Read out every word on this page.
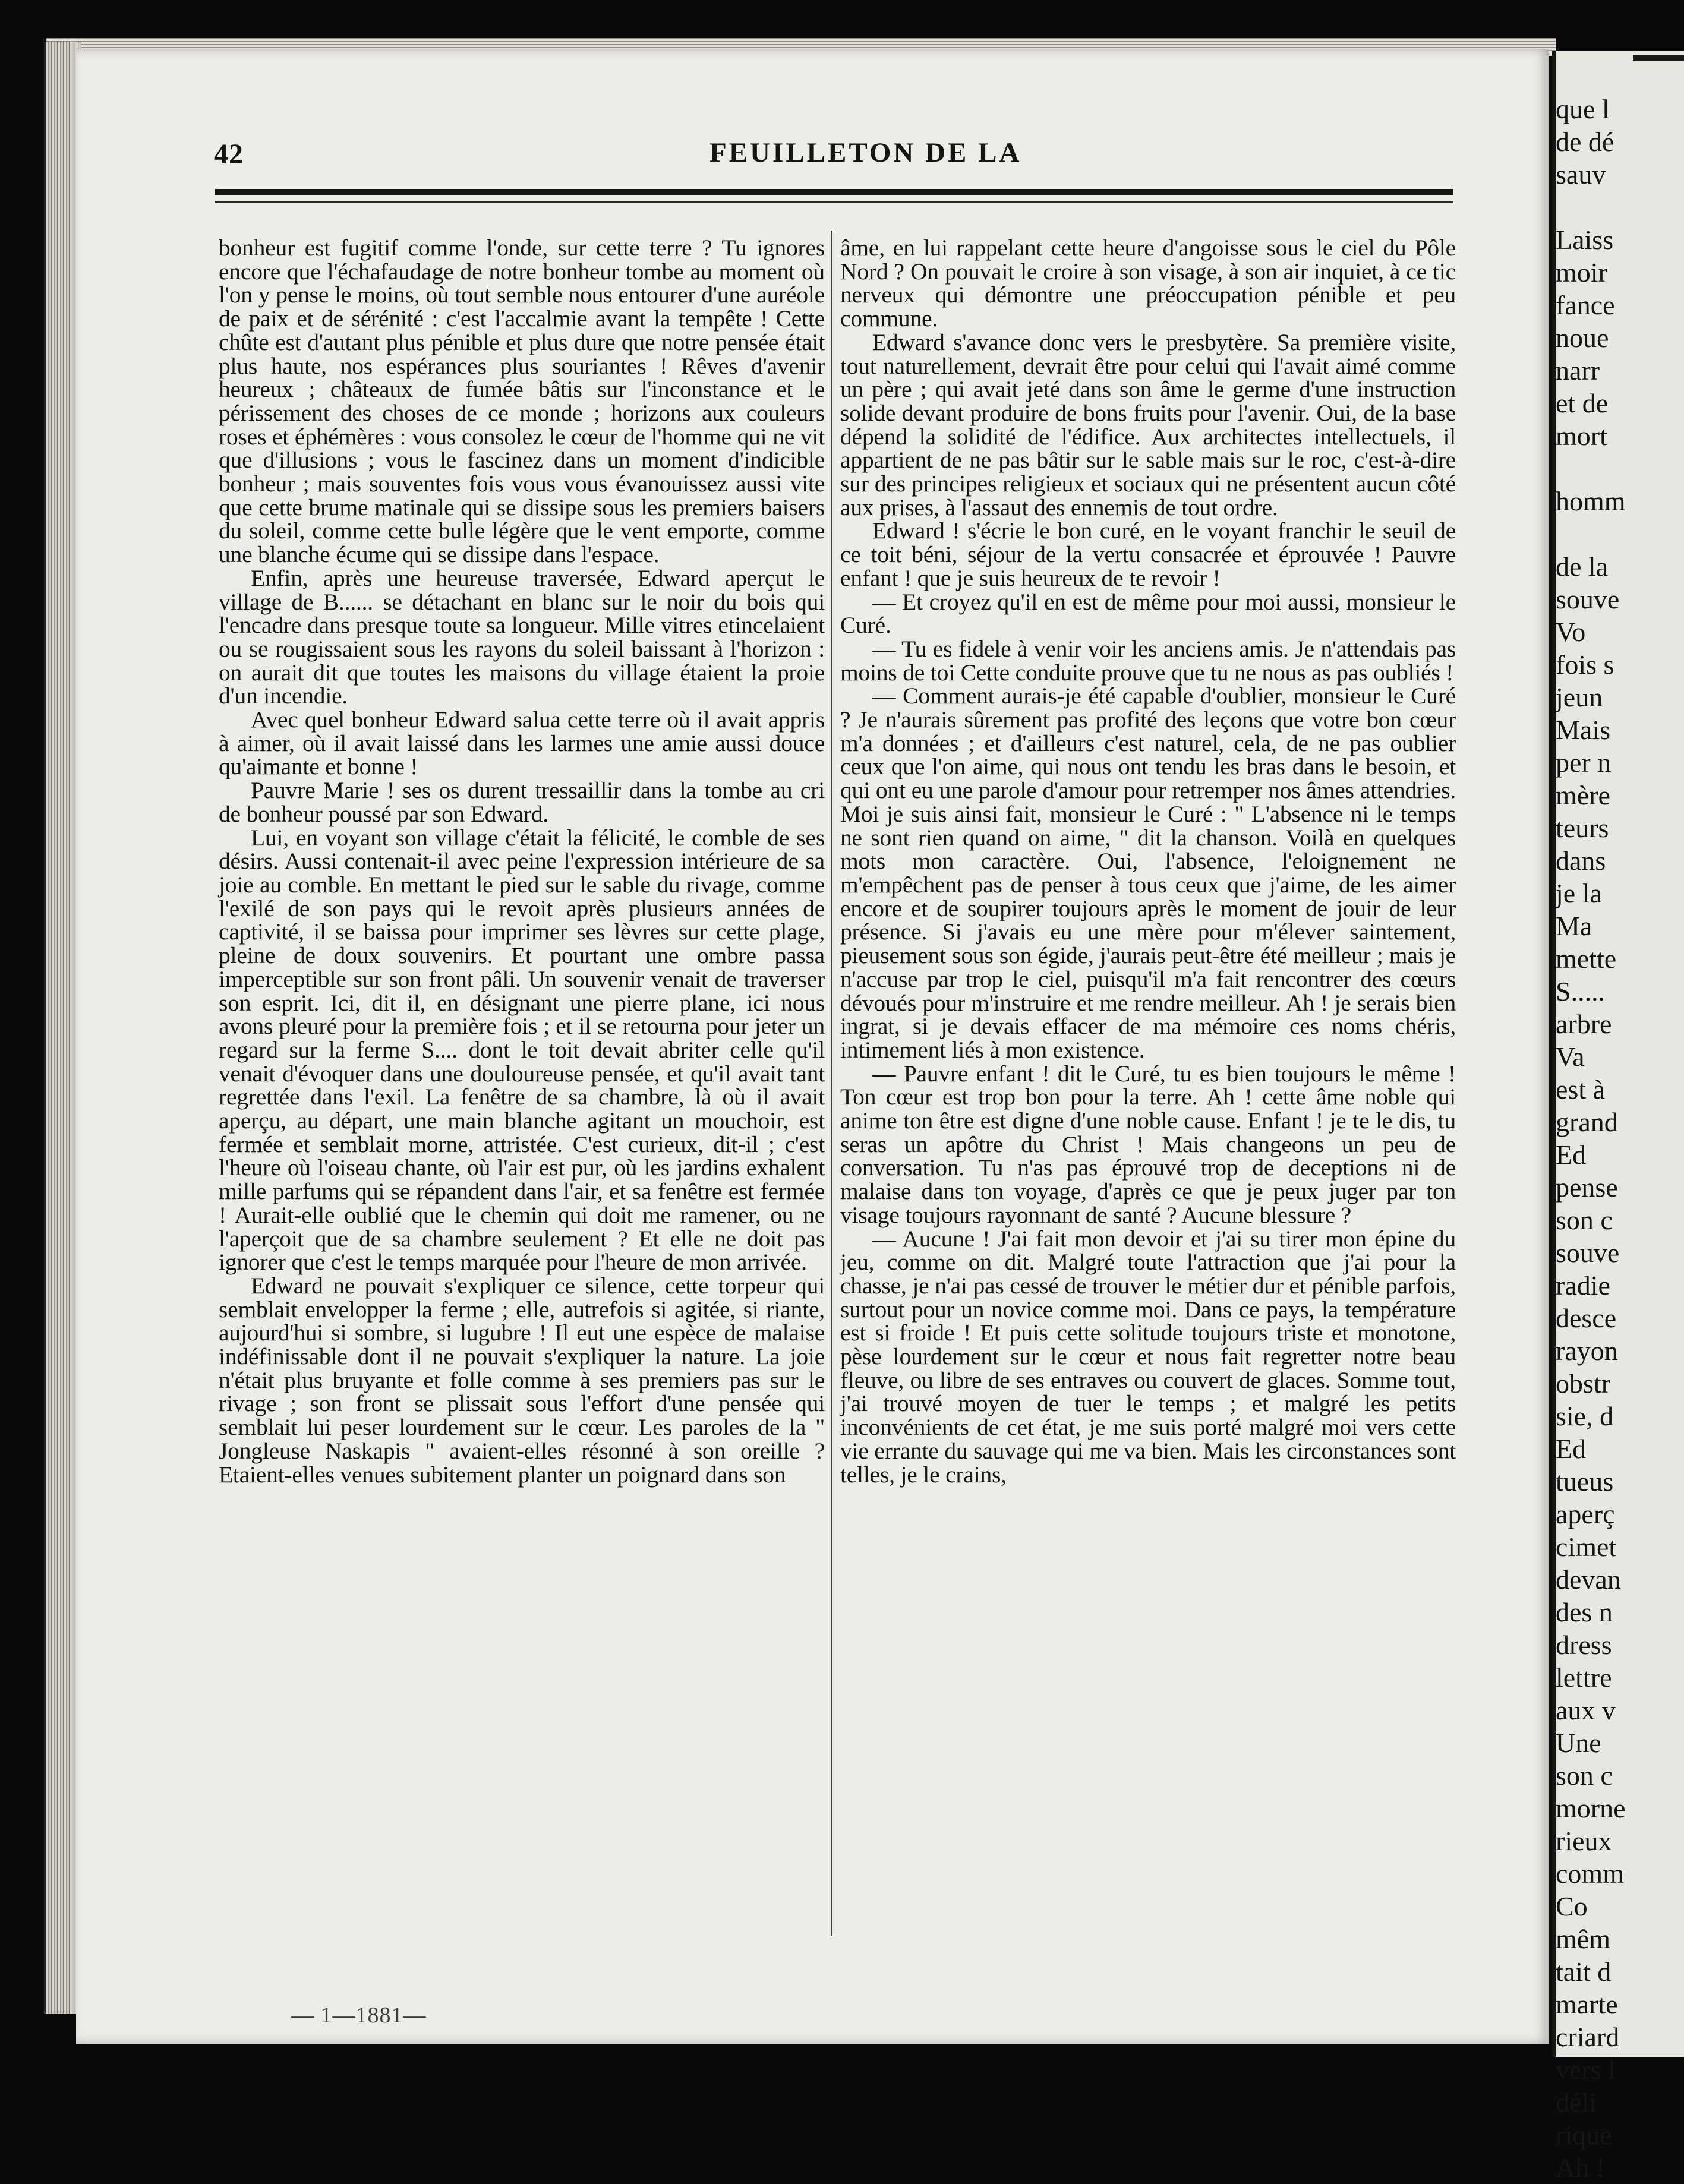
42	FEUILLETON DE LA

bonheur est fugitif comme l'onde, sur cette terre ? Tu ignores encore que l'échafaudage de notre bonheur tombe au moment où l'on y pense le moins, où tout semble nous entourer d'une auréole de paix et de sérénité : c'est l'accalmie avant la tempête ! Cette chûte est d'autant plus pénible et plus dure que notre pensée était plus haute, nos espérances plus souriantes ! Rêves d'avenir heureux ; châteaux de fumée bâtis sur l'inconstance et le périssement des choses de ce monde ; horizons aux couleurs roses et éphémères : vous consolez le cœur de l'homme qui ne vit que d'illusions ; vous le fascinez dans un moment d'indicible bonheur ; mais souventes fois vous vous évanouissez aussi vite que cette brume matinale qui se dissipe sous les premiers baisers du soleil, comme cette bulle légère que le vent emporte, comme une blanche écume qui se dissipe dans l'espace.

Enfin, après une heureuse traversée, Edward aperçut le village de B...... se détachant en blanc sur le noir du bois qui l'encadre dans presque toute sa longueur. Mille vitres etincelaient ou se rougissaient sous les rayons du soleil baissant à l'horizon : on aurait dit que toutes les maisons du village étaient la proie d'un incendie.

Avec quel bonheur Edward salua cette terre où il avait appris à aimer, où il avait laissé dans les larmes une amie aussi douce qu'aimante et bonne !

Pauvre Marie ! ses os durent tressaillir dans la tombe au cri de bonheur poussé par son Edward.

Lui, en voyant son village c'était la félicité, le comble de ses désirs. Aussi contenait-il avec peine l'expression intérieure de sa joie au comble. En mettant le pied sur le sable du rivage, comme l'exilé de son pays qui le revoit après plusieurs années de captivité, il se baissa pour imprimer ses lèvres sur cette plage, pleine de doux souvenirs. Et pourtant une ombre passa imperceptible sur son front pâli. Un souvenir venait de traverser son esprit. Ici, dit il, en désignant une pierre plane, ici nous avons pleuré pour la première fois ; et il se retourna pour jeter un regard sur la ferme S.... dont le toit devait abriter celle qu'il venait d'évoquer dans une douloureuse pensée, et qu'il avait tant regrettée dans l'exil. La fenêtre de sa chambre, là où il avait aperçu, au départ, une main blanche agitant un mouchoir, est fermée et semblait morne, attristée. C'est curieux, dit-il ; c'est l'heure où l'oiseau chante, où l'air est pur, où les jardins exhalent mille parfums qui se répandent dans l'air, et sa fenêtre est fermée ! Aurait-elle oublié que le chemin qui doit me ramener, ou ne l'aperçoit que de sa chambre seulement ? Et elle ne doit pas ignorer que c'est le temps marquée pour l'heure de mon arrivée.

Edward ne pouvait s'expliquer ce silence, cette torpeur qui semblait envelopper la ferme ; elle, autrefois si agitée, si riante, aujourd'hui si sombre, si lugubre ! Il eut une espèce de malaise indéfinissable dont il ne pouvait s'expliquer la nature. La joie n'était plus bruyante et folle comme à ses premiers pas sur le rivage ; son front se plissait sous l'effort d'une pensée qui semblait lui peser lourdement sur le cœur. Les paroles de la " Jongleuse Naskapis " avaient-elles résonné à son oreille ? Etaient-elles venues subitement planter un poignard dans son

âme, en lui rappelant cette heure d'angoisse sous le ciel du Pôle Nord ? On pouvait le croire à son visage, à son air inquiet, à ce tic nerveux qui démontre une préoccupation pénible et peu commune.

Edward s'avance donc vers le presbytère. Sa première visite, tout naturellement, devrait être pour celui qui l'avait aimé comme un père ; qui avait jeté dans son âme le germe d'une instruction solide devant produire de bons fruits pour l'avenir. Oui, de la base dépend la solidité de l'édifice. Aux architectes intellectuels, il appartient de ne pas bâtir sur le sable mais sur le roc, c'est-à-dire sur des principes religieux et sociaux qui ne présentent aucun côté aux prises, à l'assaut des ennemis de tout ordre.

Edward ! s'écrie le bon curé, en le voyant franchir le seuil de ce toit béni, séjour de la vertu consacrée et éprouvée ! Pauvre enfant ! que je suis heureux de te revoir !

— Et croyez qu'il en est de même pour moi aussi, monsieur le Curé.

— Tu es fidele à venir voir les anciens amis. Je n'attendais pas moins de toi Cette conduite prouve que tu ne nous as pas oubliés !

— Comment aurais-je été capable d'oublier, monsieur le Curé ? Je n'aurais sûrement pas profité des leçons que votre bon cœur m'a données ; et d'ailleurs c'est naturel, cela, de ne pas oublier ceux que l'on aime, qui nous ont tendu les bras dans le besoin, et qui ont eu une parole d'amour pour retremper nos âmes attendries. Moi je suis ainsi fait, monsieur le Curé : " L'absence ni le temps ne sont rien quand on aime, " dit la chanson. Voilà en quelques mots mon caractère. Oui, l'absence, l'eloignement ne m'empêchent pas de penser à tous ceux que j'aime, de les aimer encore et de soupirer toujours après le moment de jouir de leur présence. Si j'avais eu une mère pour m'élever saintement, pieusement sous son égide, j'aurais peut-être été meilleur ; mais je n'accuse par trop le ciel, puisqu'il m'a fait rencontrer des cœurs dévoués pour m'instruire et me rendre meilleur. Ah ! je serais bien ingrat, si je devais effacer de ma mémoire ces noms chéris, intimement liés à mon existence.

— Pauvre enfant ! dit le Curé, tu es bien toujours le même ! Ton cœur est trop bon pour la terre. Ah ! cette âme noble qui anime ton être est digne d'une noble cause. Enfant ! je te le dis, tu seras un apôtre du Christ ! Mais changeons un peu de conversation. Tu n'as pas éprouvé trop de deceptions ni de malaise dans ton voyage, d'après ce que je peux juger par ton visage toujours rayonnant de santé ? Aucune blessure ?

— Aucune ! J'ai fait mon devoir et j'ai su tirer mon épine du jeu, comme on dit. Malgré toute l'attraction que j'ai pour la chasse, je n'ai pas cessé de trouver le métier dur et pénible parfois, surtout pour un novice comme moi. Dans ce pays, la température est si froide ! Et puis cette solitude toujours triste et monotone, pèse lourdement sur le cœur et nous fait regretter notre beau fleuve, ou libre de ses entraves ou couvert de glaces. Somme tout, j'ai trouvé moyen de tuer le temps ; et malgré les petits inconvénients de cet état, je me suis porté malgré moi vers cette vie errante du sauvage qui me va bien. Mais les circonstances sont telles, je le crains,

— 1—1881—
que l
de dé
sauv

Laiss
moir
fance
noue
narr
et de
mort

homm

de la
souve
Vo
fois s
jeun
Mais
per n
mère
teurs
dans
je la
Ma
mette
S.....
arbre
Va
est à
grand
Ed
pense
son c
souve
radie
desce
rayon
obstr
sie, d
Ed
tueus
aperç
cimet
devan
des n
dress
lettre
aux v
Une
son c
morne
rieux
comm
Co
mêm
tait d
marte
criard
vers l
déli
rique
Ah !
